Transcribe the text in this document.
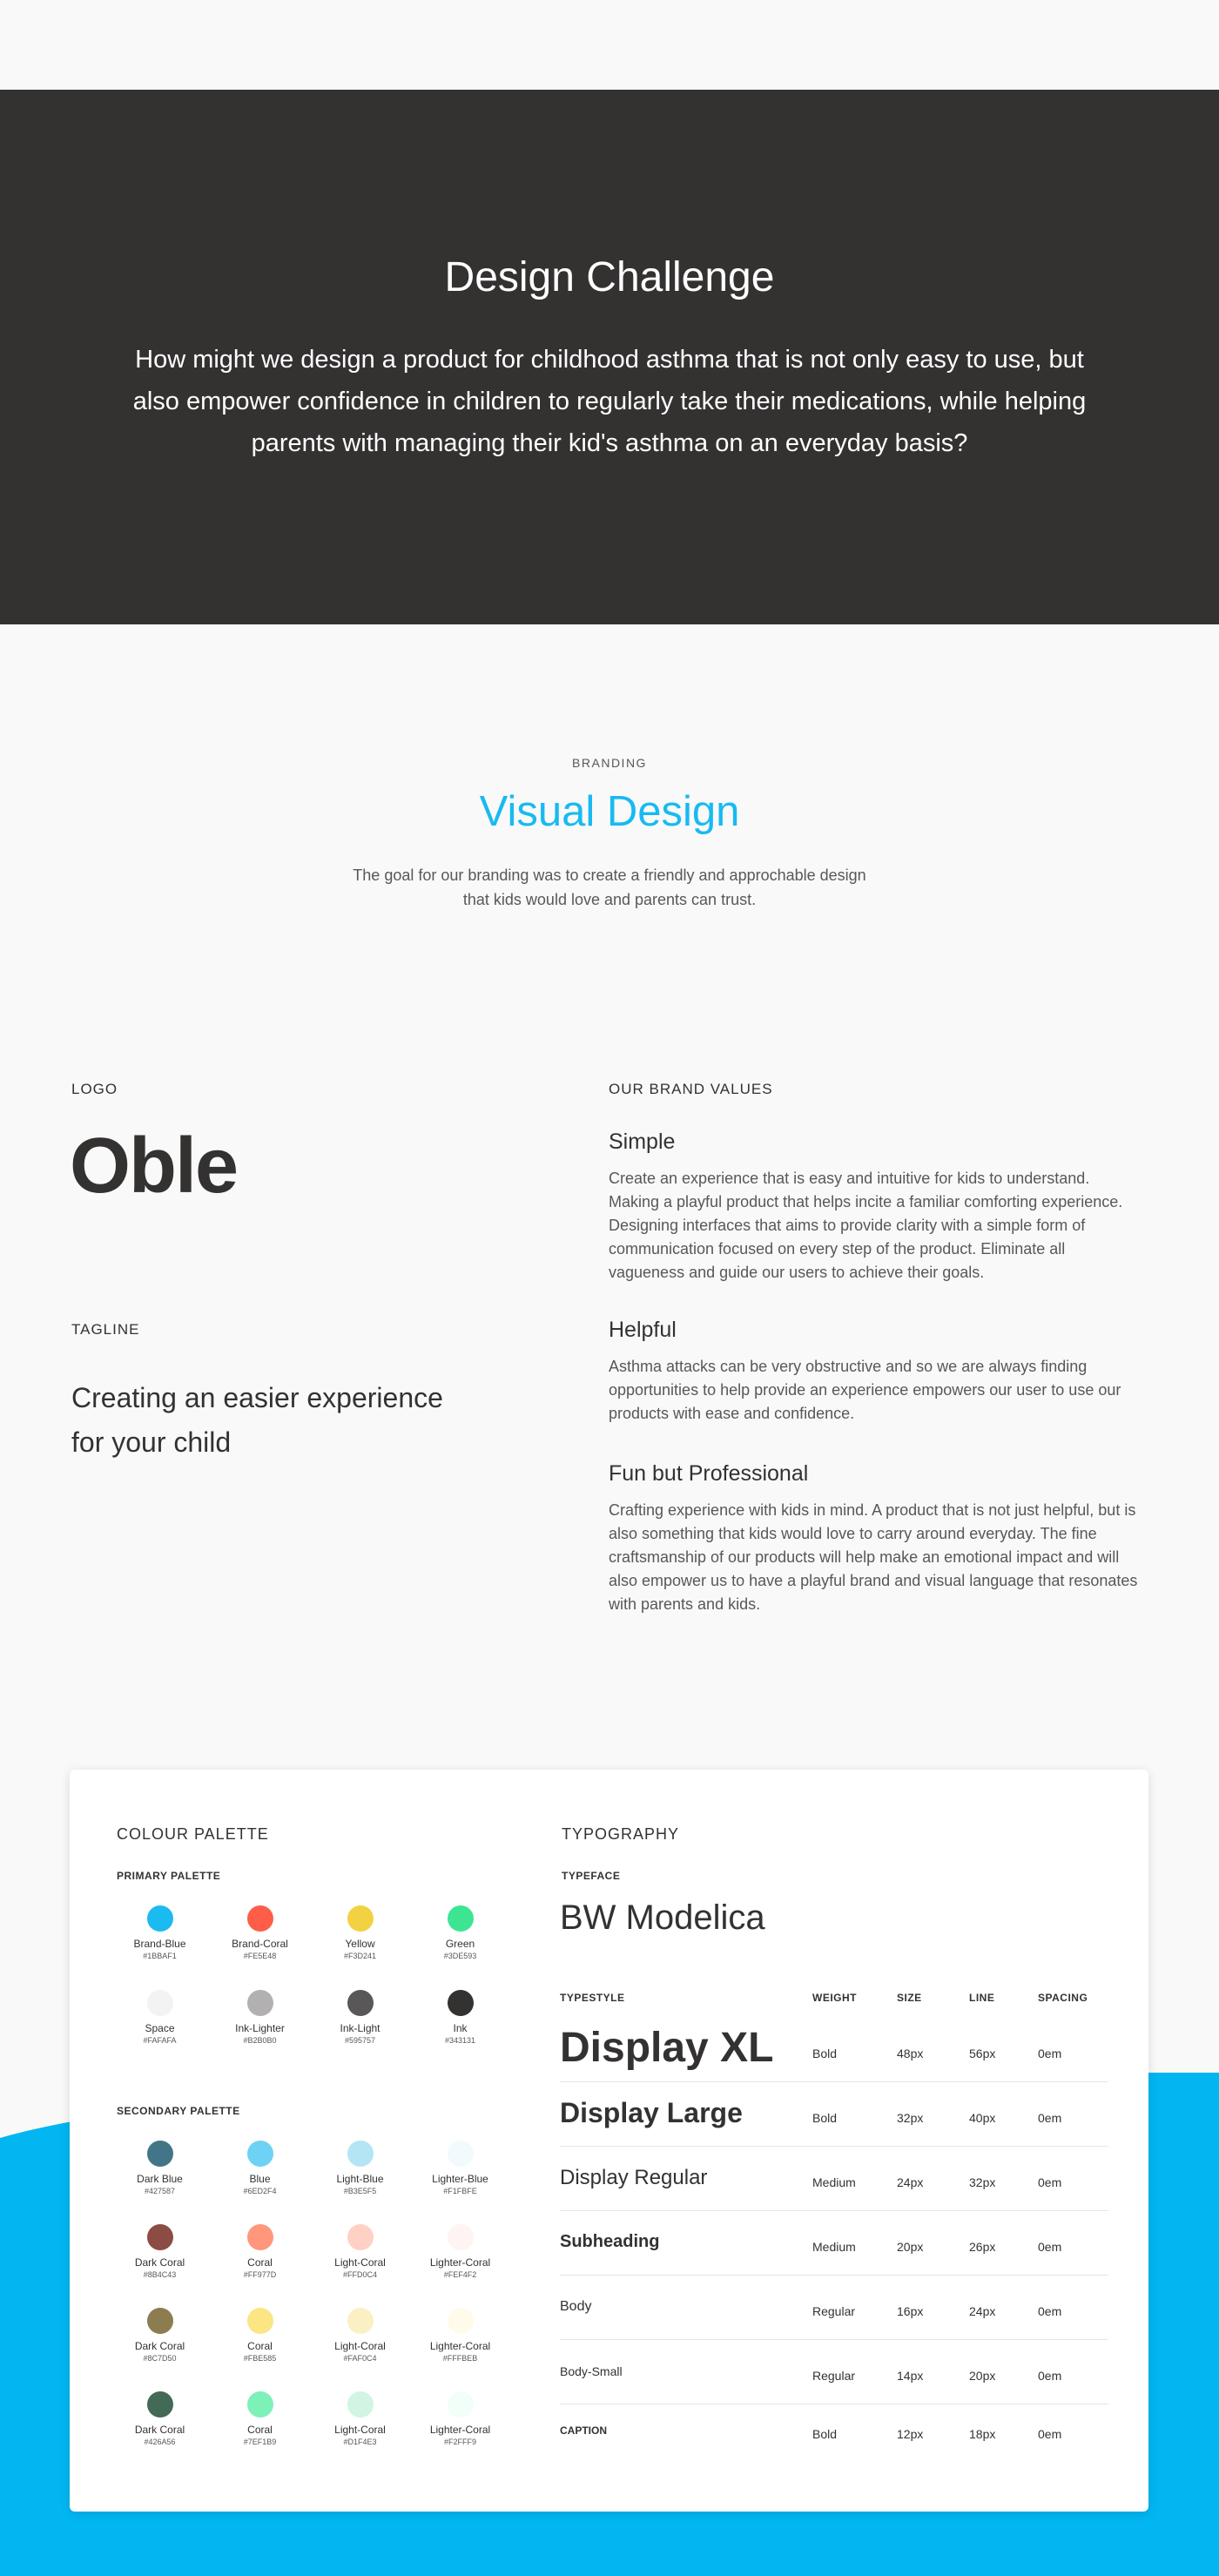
Design Challenge

How might we design a product for childhood asthma that is not only easy to use, but also empower confidence in children to regularly take their medications, while helping parents with managing their kid's asthma on an everyday basis?

BRANDING
Visual Design

The goal for our branding was to create a friendly and approchable design that kids would love and parents can trust.

LOGO
Oble
TAGLINE

Creating an easier experience for your child

OUR BRAND VALUES
Simple

Create an experience that is easy and intuitive for kids to understand. Making a playful product that helps incite a familiar comforting experience. Designing interfaces that aims to provide clarity with a simple form of communication focused on every step of the product. Eliminate all vagueness and guide our users to achieve their goals.

Helpful

Asthma attacks can be very obstructive and so we are always finding opportunities to help provide an experience empowers our user to use our products with ease and confidence.

Fun but Professional

Crafting experience with kids in mind. A product that is not just helpful, but is also something that kids would love to carry around everyday. The fine craftsmanship of our products will help make an emotional impact and will also empower us to have a playful brand and visual language that resonates with parents and kids.

COLOUR PALETTE
PRIMARY PALETTE
Brand-Blue
#1BBAF1
Brand-Coral
#FE5E48
Yellow
#F3D241
Green
#3DE593
Space
#FAFAFA
Ink-Lighter
#B2B0B0
Ink-Light
#595757
Ink
#343131
SECONDARY PALETTE
Dark Blue
#427587
Blue
#6ED2F4
Light-Blue
#B3E5F5
Lighter-Blue
#F1FBFE
Dark Coral
#8B4C43
Coral
#FF977D
Light-Coral
#FFD0C4
Lighter-Coral
#FEF4F2
Dark Coral
#8C7D50
Coral
#FBE585
Light-Coral
#FAF0C4
Lighter-Coral
#FFFBEB
Dark Coral
#426A56
Coral
#7EF1B9
Light-Coral
#D1F4E3
Lighter-Coral
#F2FFF9
TYPOGRAPHY
TYPEFACE
BW Modelica
TYPESTYLE	WEIGHT	SIZE	LINE	SPACING
Display XL	Bold	48px	56px	0em
Display Large	Bold	32px	40px	0em
Display Regular	Medium	24px	32px	0em
Subheading	Medium	20px	26px	0em
Body	Regular	16px	24px	0em
Body-Small	Regular	14px	20px	0em
CAPTION	Bold	12px	18px	0em
